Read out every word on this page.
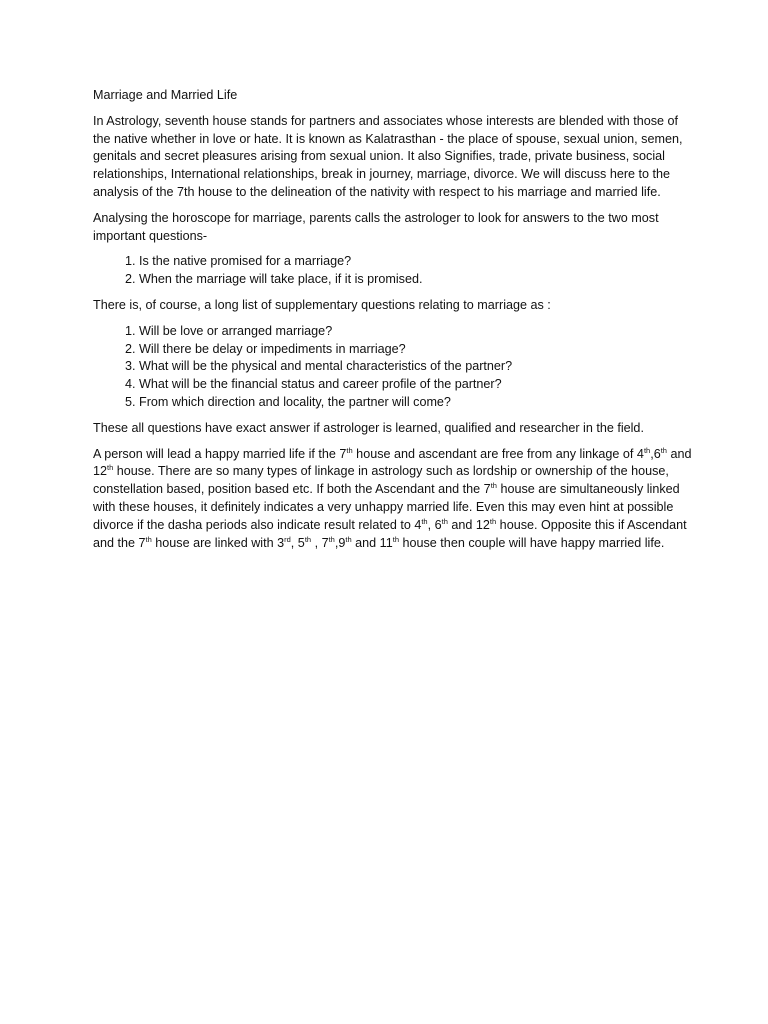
Marriage and Married Life

In Astrology, seventh house stands for partners and associates whose interests are blended with those of the native whether in love or hate. It is known as Kalatrasthan - the place of spouse, sexual union, semen, genitals and secret pleasures arising from sexual union. It also Signifies, trade, private business, social relationships, International relationships, break in journey, marriage, divorce. We will discuss here to the analysis of the 7th house to the delineation of the nativity with respect to his marriage and married life.

Analysing the horoscope for marriage, parents calls the astrologer to look for answers to the two most important questions-

1. Is the native promised for a marriage?
2. When the marriage will take place, if it is promised.

There is, of course, a long list of supplementary questions relating to marriage as :

1. Will be love or arranged marriage?
2. Will there be delay or impediments in marriage?
3. What will be the physical and mental characteristics of the partner?
4. What will be the financial status and career profile of the partner?
5. From which direction and locality, the partner will come?

These all questions have exact answer if astrologer is learned, qualified and researcher in the field.

A person will lead a happy married life if the 7th house and ascendant are free from any linkage of 4th,6th and 12th house. There are so many types of linkage in astrology such as lordship or ownership of the house, constellation based, position based etc. If both the Ascendant and the 7th house are simultaneously linked with these houses, it definitely indicates a very unhappy married life. Even this may even hint at possible divorce if the dasha periods also indicate result related to 4th, 6th and 12th house. Opposite this if Ascendant and the 7th house are linked with 3rd, 5th , 7th,9th and 11th house then couple will have happy married life.
